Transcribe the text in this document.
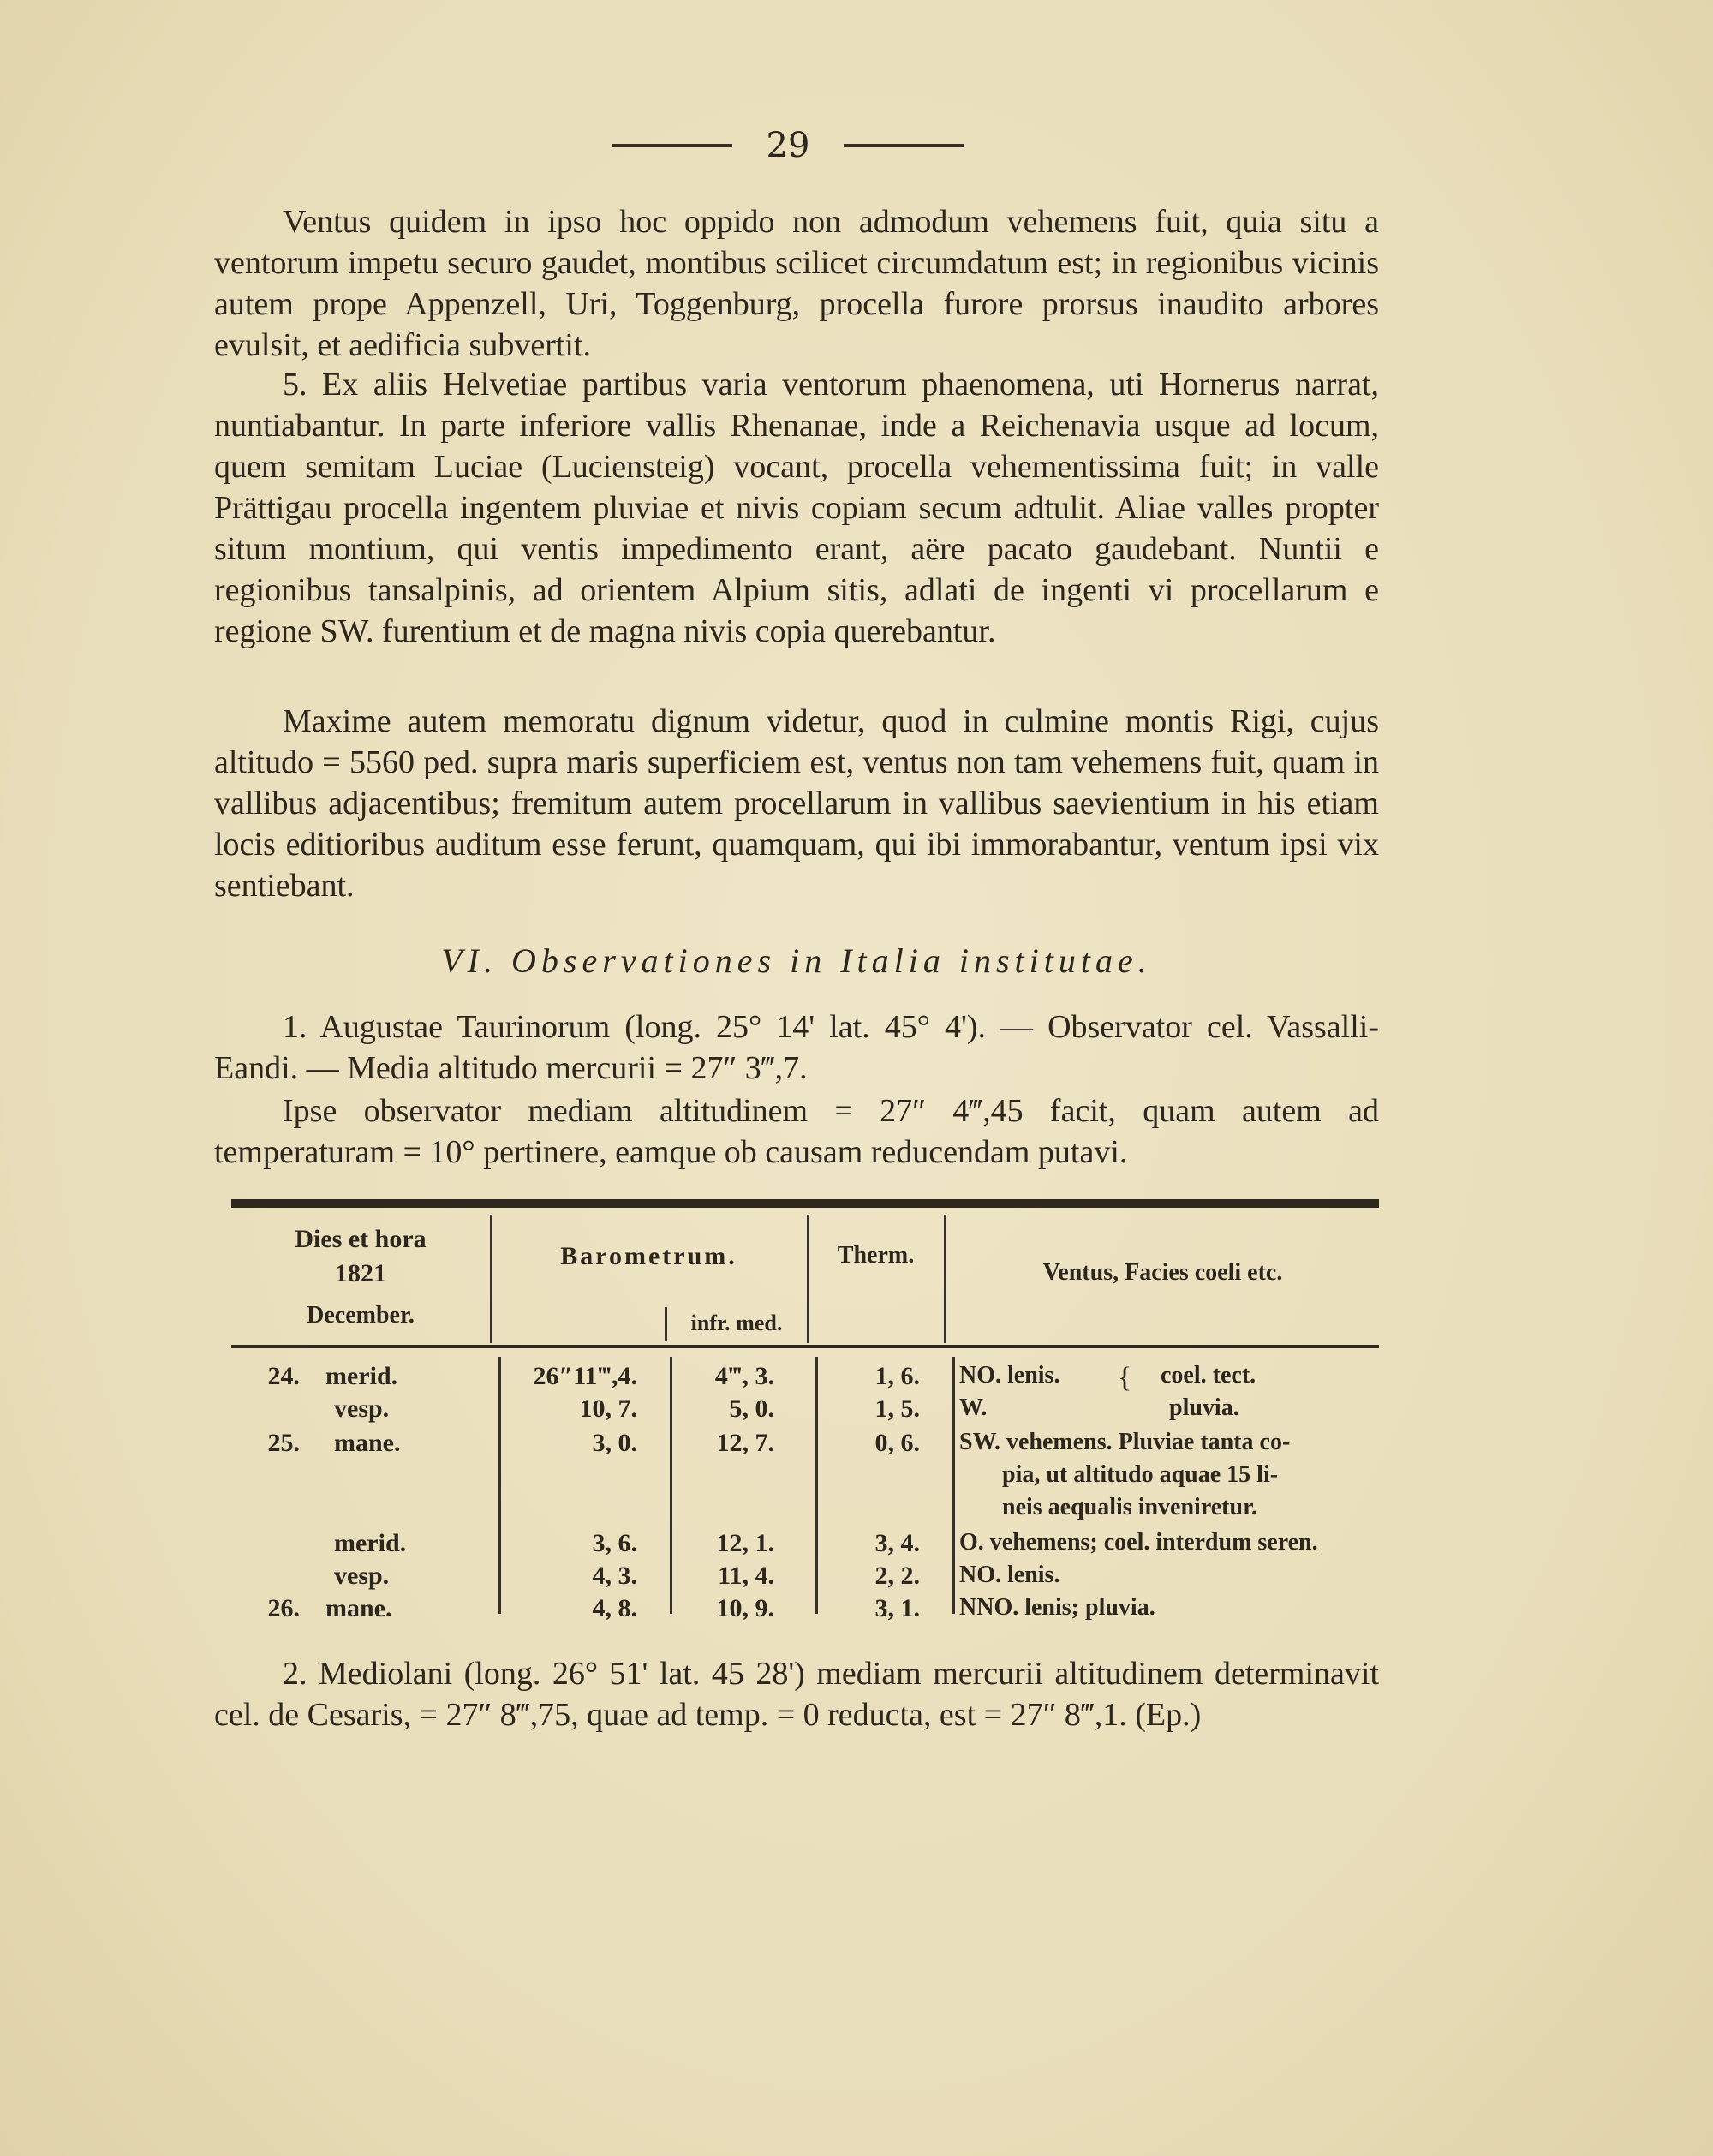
29

Ventus quidem in ipso hoc oppido non admodum vehemens fuit, quia situ a ventorum impetu securo gaudet, montibus scilicet circumdatum est; in regionibus vicinis autem prope Appenzell, Uri, Toggenburg, procella furore prorsus inaudito arbores evulsit, et aedificia subvertit.

5. Ex aliis Helvetiae partibus varia ventorum phaenomena, uti Hornerus narrat, nuntiabantur. In parte inferiore vallis Rhenanae, inde a Reichenavia usque ad locum, quem semitam Luciae (Luciensteig) vocant, procella vehementissima fuit; in valle Prättigau procella ingentem pluviae et nivis copiam secum adtulit. Aliae valles propter situm montium, qui ventis impedimento erant, aëre pacato gaudebant. Nuntii e regionibus tansalpinis, ad orientem Alpium sitis, adlati de ingenti vi procellarum e regione SW. furentium et de magna nivis copia querebantur.

Maxime autem memoratu dignum videtur, quod in culmine montis Rigi, cujus altitudo = 5560 ped. supra maris superficiem est, ventus non tam vehemens fuit, quam in vallibus adjacentibus; fremitum autem procellarum in vallibus saevientium in his etiam locis editioribus auditum esse ferunt, quamquam, qui ibi immorabantur, ventum ipsi vix sentiebant.

VI. Observationes in Italia institutae.

1. Augustae Taurinorum (long. 25° 14' lat. 45° 4'). — Observator cel. Vassalli-Eandi. — Media altitudo mercurii = 27″ 3‴,7.

Ipse observator mediam altitudinem = 27″ 4‴,45 facit, quam autem ad temperaturam = 10° pertinere, eamque ob causam reducendam putavi.

Dies et hora
1821
December.
Barometrum.
infr. med.
Therm.
Ventus, Facies coeli etc.
24. merid.	26″11‴,4.	4‴, 3.	1, 6. NO. lenis.	coel. tect.
{
vesp.	10, 7.	5, 0.	1, 5. W.	pluvia.
25. mane.	3, 0.	12, 7.	0, 6. SW. vehemens. Pluviae tanta co-
pia, ut altitudo aquae 15 li-
neis aequalis inveniretur.
merid.	3, 6.	12, 1.	3, 4. O. vehemens; coel. interdum seren.
vesp.	4, 3.	11, 4.	2, 2. NO. lenis.
26. mane.	4, 8.	10, 9.	3, 1. NNO. lenis; pluvia.

2. Mediolani (long. 26° 51' lat. 45 28') mediam mercurii altitudinem determinavit cel. de Cesaris, = 27″ 8‴,75, quae ad temp. = 0 reducta, est = 27″ 8‴,1. (Ep.)
